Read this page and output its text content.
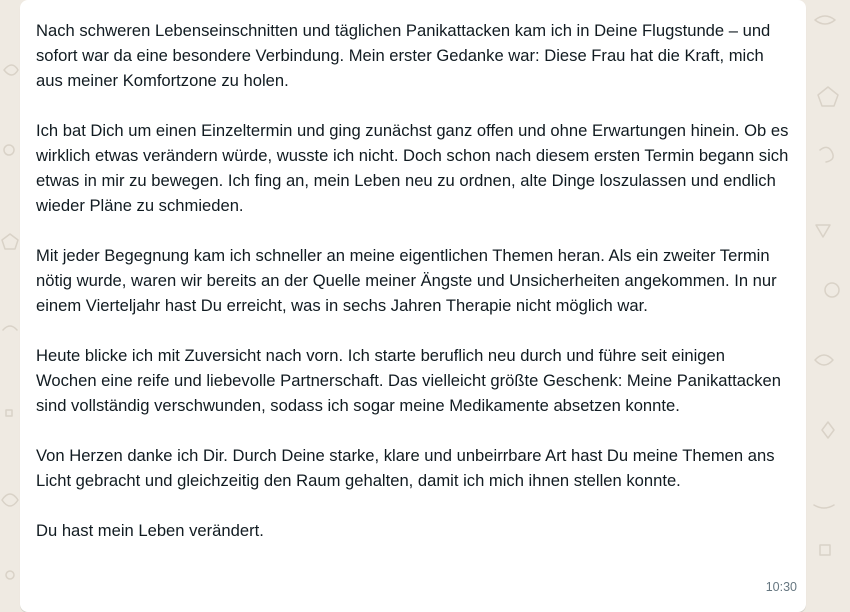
Nach schweren Lebenseinschnitten und täglichen Panikattacken kam ich in Deine Flugstunde – und sofort war da eine besondere Verbindung. Mein erster Gedanke war: Diese Frau hat die Kraft, mich aus meiner Komfortzone zu holen.

Ich bat Dich um einen Einzeltermin und ging zunächst ganz offen und ohne Erwartungen hinein. Ob es wirklich etwas verändern würde, wusste ich nicht. Doch schon nach diesem ersten Termin begann sich etwas in mir zu bewegen. Ich fing an, mein Leben neu zu ordnen, alte Dinge loszulassen und endlich wieder Pläne zu schmieden.

Mit jeder Begegnung kam ich schneller an meine eigentlichen Themen heran. Als ein zweiter Termin nötig wurde, waren wir bereits an der Quelle meiner Ängste und Unsicherheiten angekommen. In nur einem Vierteljahr hast Du erreicht, was in sechs Jahren Therapie nicht möglich war.

Heute blicke ich mit Zuversicht nach vorn. Ich starte beruflich neu durch und führe seit einigen Wochen eine reife und liebevolle Partnerschaft. Das vielleicht größte Geschenk: Meine Panikattacken sind vollständig verschwunden, sodass ich sogar meine Medikamente absetzen konnte.

Von Herzen danke ich Dir. Durch Deine starke, klare und unbeirrbare Art hast Du meine Themen ans Licht gebracht und gleichzeitig den Raum gehalten, damit ich mich ihnen stellen konnte.

Du hast mein Leben verändert.

10:30
